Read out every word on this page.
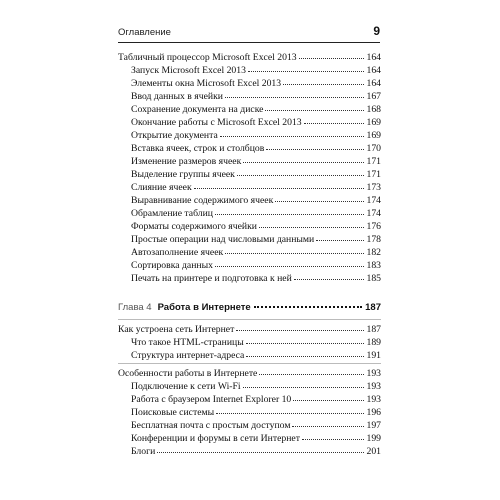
Оглавление	9
Табличный процессор Microsoft Excel 2013	164
Запуск Microsoft Excel 2013	164
Элементы окна Microsoft Excel 2013	164
Ввод данных в ячейки	167
Сохранение документа на диске	168
Окончание работы с Microsoft Excel 2013	169
Открытие документа	169
Вставка ячеек, строк и столбцов	170
Изменение размеров ячеек	171
Выделение группы ячеек	171
Слияние ячеек	173
Выравнивание содержимого ячеек	174
Обрамление таблиц	174
Форматы содержимого ячейки	176
Простые операции над числовыми данными	178
Автозаполнение ячеек	182
Сортировка данных	183
Печать на принтере и подготовка к ней	185
Глава 4 Работа в Интернете	187
Как устроена сеть Интернет	187
Что такое HTML-страницы	189
Структура интернет-адреса	191
Особенности работы в Интернете	193
Подключение к сети Wi-Fi	193
Работа с браузером Internet Explorer 10	193
Поисковые системы	196
Бесплатная почта с простым доступом	197
Конференции и форумы в сети Интернет	199
Блоги	201
